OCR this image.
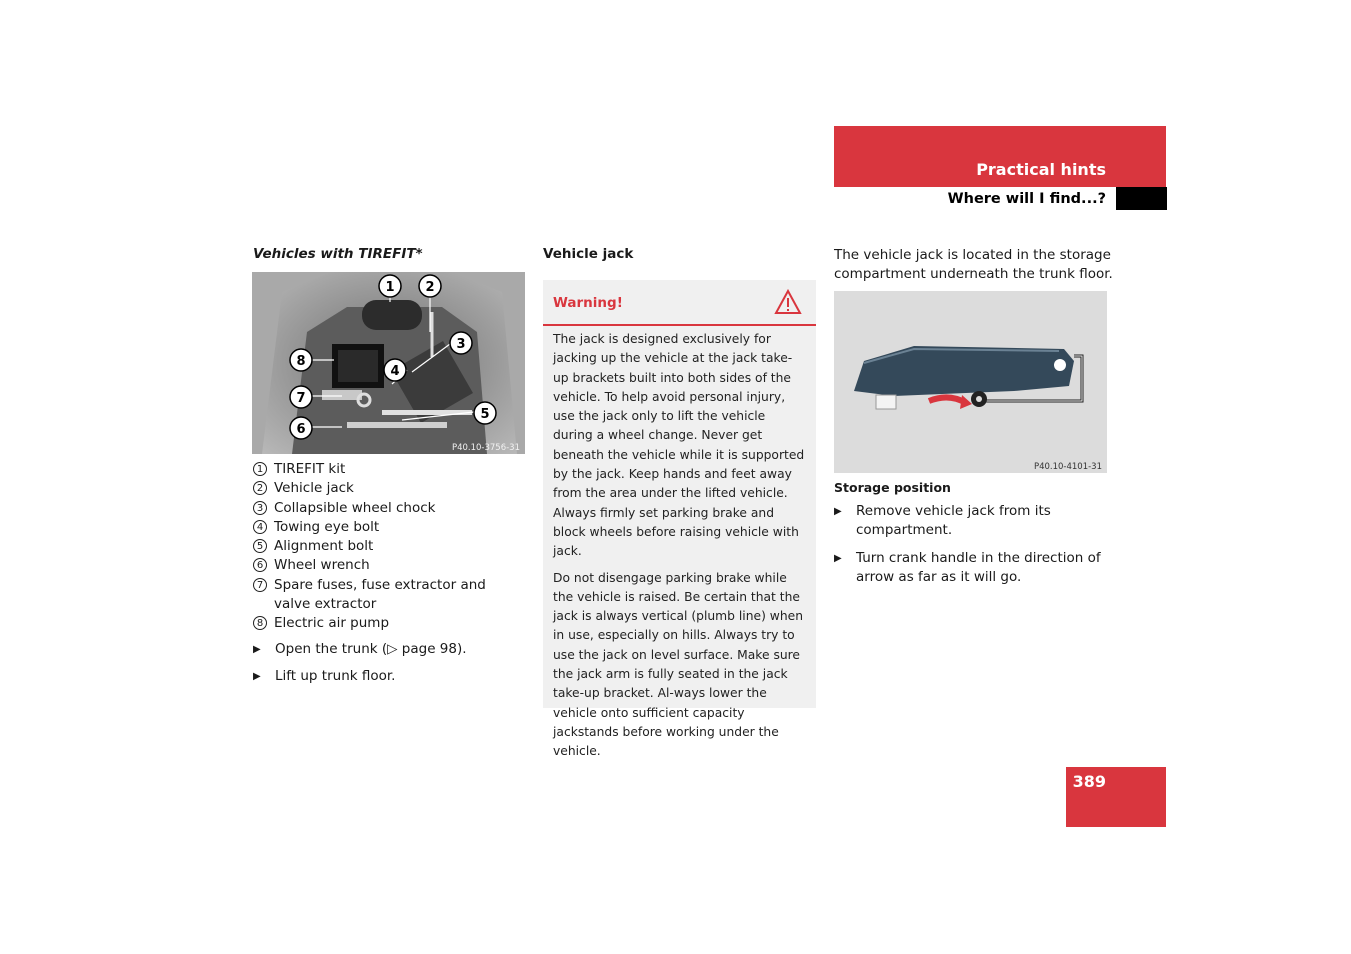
Practical hints
Where will I find...?
Vehicles with TIREFIT*
1 2
3
4
5
6
7
8
P40.10-3756-31
1 TIREFIT kit
2 Vehicle jack
3 Collapsible wheel chock
4 Towing eye bolt
5 Alignment bolt
6 Wheel wrench
7 Spare fuses, fuse extractor and valve extractor
8 Electric air pump
▶	Open the trunk (▷ page 98).
▶	Lift up trunk floor.
Vehicle jack
Warning!

The jack is designed exclusively for jacking up the vehicle at the jack take-up brackets built into both sides of the vehicle. To help avoid personal injury, use the jack only to lift the vehicle during a wheel change. Never get beneath the vehicle while it is supported by the jack. Keep hands and feet away from the area under the lifted vehicle. Always firmly set parking brake and block wheels before raising vehicle with jack.

Do not disengage parking brake while the vehicle is raised. Be certain that the jack is always vertical (plumb line) when in use, especially on hills. Always try to use the jack on level surface. Make sure the jack arm is fully seated in the jack take-up bracket. Al-ways lower the vehicle onto sufficient capacity jackstands before working under the vehicle.

The vehicle jack is located in the storage compartment underneath the trunk floor.
P40.10-4101-31
Storage position
▶	Remove vehicle jack from its compartment.
▶	Turn crank handle in the direction of arrow as far as it will go.
389
